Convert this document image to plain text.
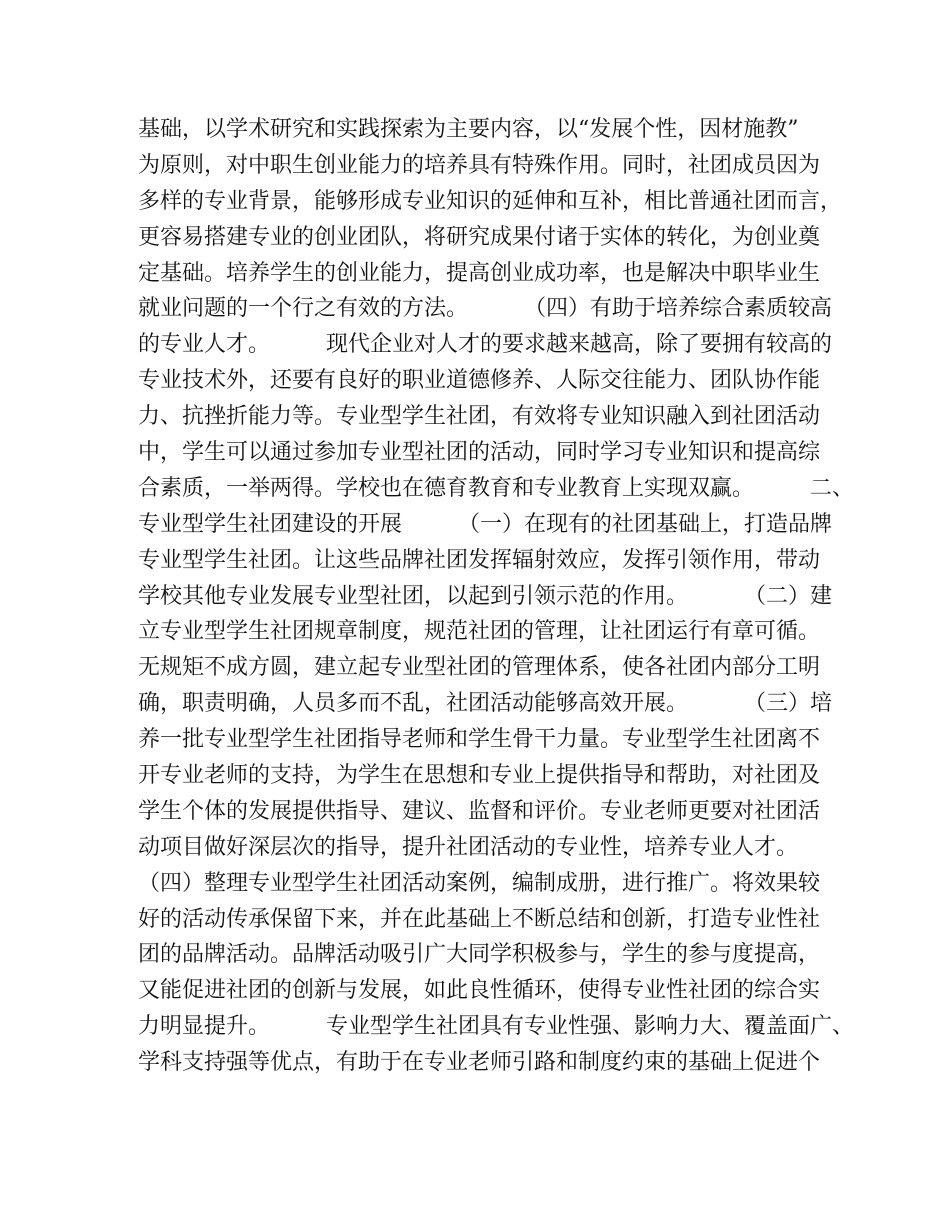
基础，以学术研究和实践探索为主要内容，以“发展个性，因材施教”
为原则，对中职生创业能力的培养具有特殊作用。同时，社团成员因为
多样的专业背景，能够形成专业知识的延伸和互补，相比普通社团而言，
更容易搭建专业的创业团队，将研究成果付诸于实体的转化，为创业奠
定基础。培养学生的创业能力，提高创业成功率，也是解决中职毕业生
就业问题的一个行之有效的方法。        （四）有助于培养综合素质较高
的专业人才。        现代企业对人才的要求越来越高，除了要拥有较高的
专业技术外，还要有良好的职业道德修养、人际交往能力、团队协作能
力、抗挫折能力等。专业型学生社团，有效将专业知识融入到社团活动
中，学生可以通过参加专业型社团的活动，同时学习专业知识和提高综
合素质，一举两得。学校也在德育教育和专业教育上实现双赢。        二、
专业型学生社团建设的开展        （一）在现有的社团基础上，打造品牌
专业型学生社团。让这些品牌社团发挥辐射效应，发挥引领作用，带动
学校其他专业发展专业型社团，以起到引领示范的作用。        （二）建
立专业型学生社团规章制度，规范社团的管理，让社团运行有章可循。
无规矩不成方圆，建立起专业型社团的管理体系，使各社团内部分工明
确，职责明确，人员多而不乱，社团活动能够高效开展。        （三）培
养一批专业型学生社团指导老师和学生骨干力量。专业型学生社团离不
开专业老师的支持，为学生在思想和专业上提供指导和帮助，对社团及
学生个体的发展提供指导、建议、监督和评价。专业老师更要对社团活
动项目做好深层次的指导，提升社团活动的专业性，培养专业人才。
（四）整理专业型学生社团活动案例，编制成册，进行推广。将效果较
好的活动传承保留下来，并在此基础上不断总结和创新，打造专业性社
团的品牌活动。品牌活动吸引广大同学积极参与，学生的参与度提高，
又能促进社团的创新与发展，如此良性循环，使得专业性社团的综合实
力明显提升。        专业型学生社团具有专业性强、影响力大、覆盖面广、
学科支持强等优点，有助于在专业老师引路和制度约束的基础上促进个
